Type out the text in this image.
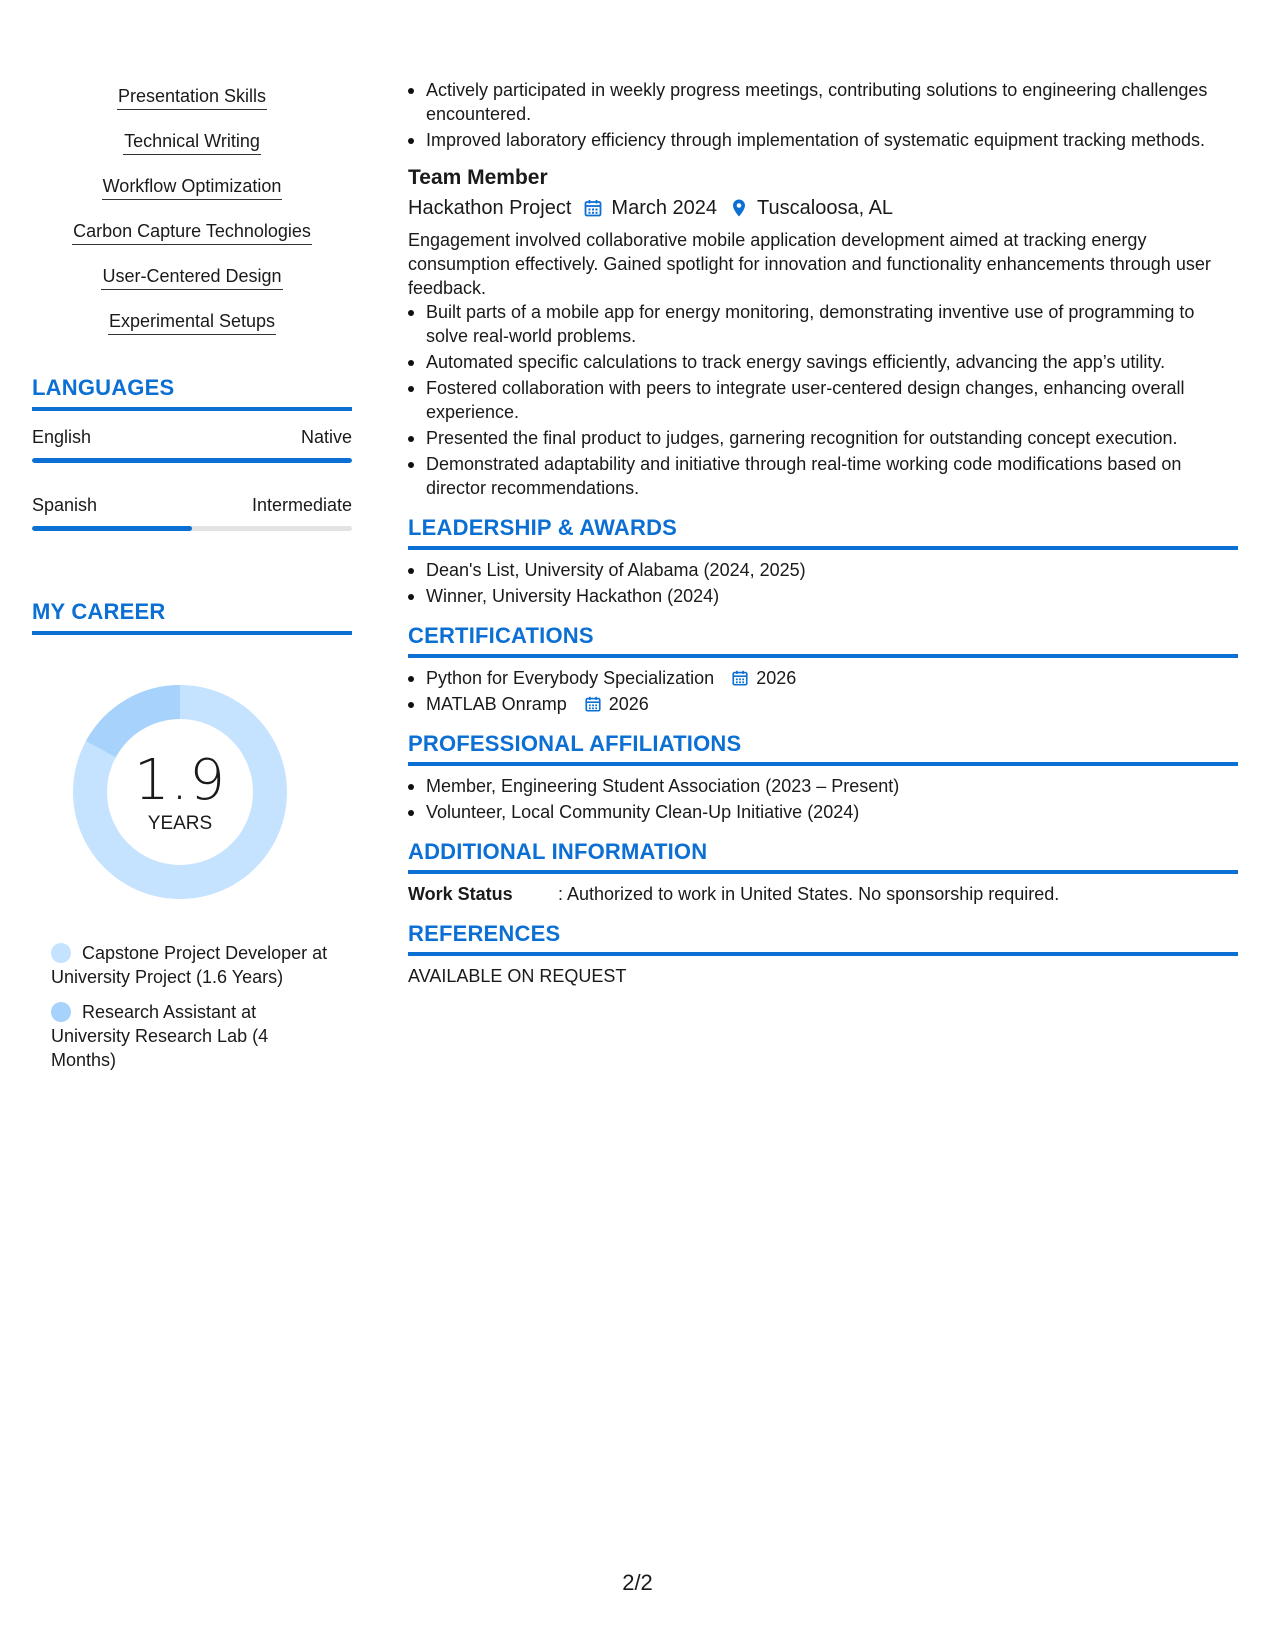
Presentation Skills
Technical Writing
Workflow Optimization
Carbon Capture Technologies
User-Centered Design
Experimental Setups
LANGUAGES
English	Native
Spanish	Intermediate
MY CAREER
1.9
YEARS
Capstone Project Developer at University Project (1.6 Years)
Research Assistant at University Research Lab (4 Months)
Actively participated in weekly progress meetings, contributing solutions to engineering challenges encountered.
Improved laboratory efficiency through implementation of systematic equipment tracking methods.
Team Member
Hackathon Project March 2024 Tuscaloosa, AL
Engagement involved collaborative mobile application development aimed at tracking energy consumption effectively. Gained spotlight for innovation and functionality enhancements through user feedback.
Built parts of a mobile app for energy monitoring, demonstrating inventive use of programming to solve real-world problems.
Automated specific calculations to track energy savings efficiently, advancing the app’s utility.
Fostered collaboration with peers to integrate user-centered design changes, enhancing overall experience.
Presented the final product to judges, garnering recognition for outstanding concept execution.
Demonstrated adaptability and initiative through real-time working code modifications based on director recommendations.
LEADERSHIP & AWARDS
Dean's List, University of Alabama (2024, 2025)
Winner, University Hackathon (2024)
CERTIFICATIONS
Python for Everybody Specialization 2026
MATLAB Onramp 2026
PROFESSIONAL AFFILIATIONS
Member, Engineering Student Association (2023 – Present)
Volunteer, Local Community Clean-Up Initiative (2024)
ADDITIONAL INFORMATION
Work Status	: Authorized to work in United States. No sponsorship required.
REFERENCES
AVAILABLE ON REQUEST
2/2
